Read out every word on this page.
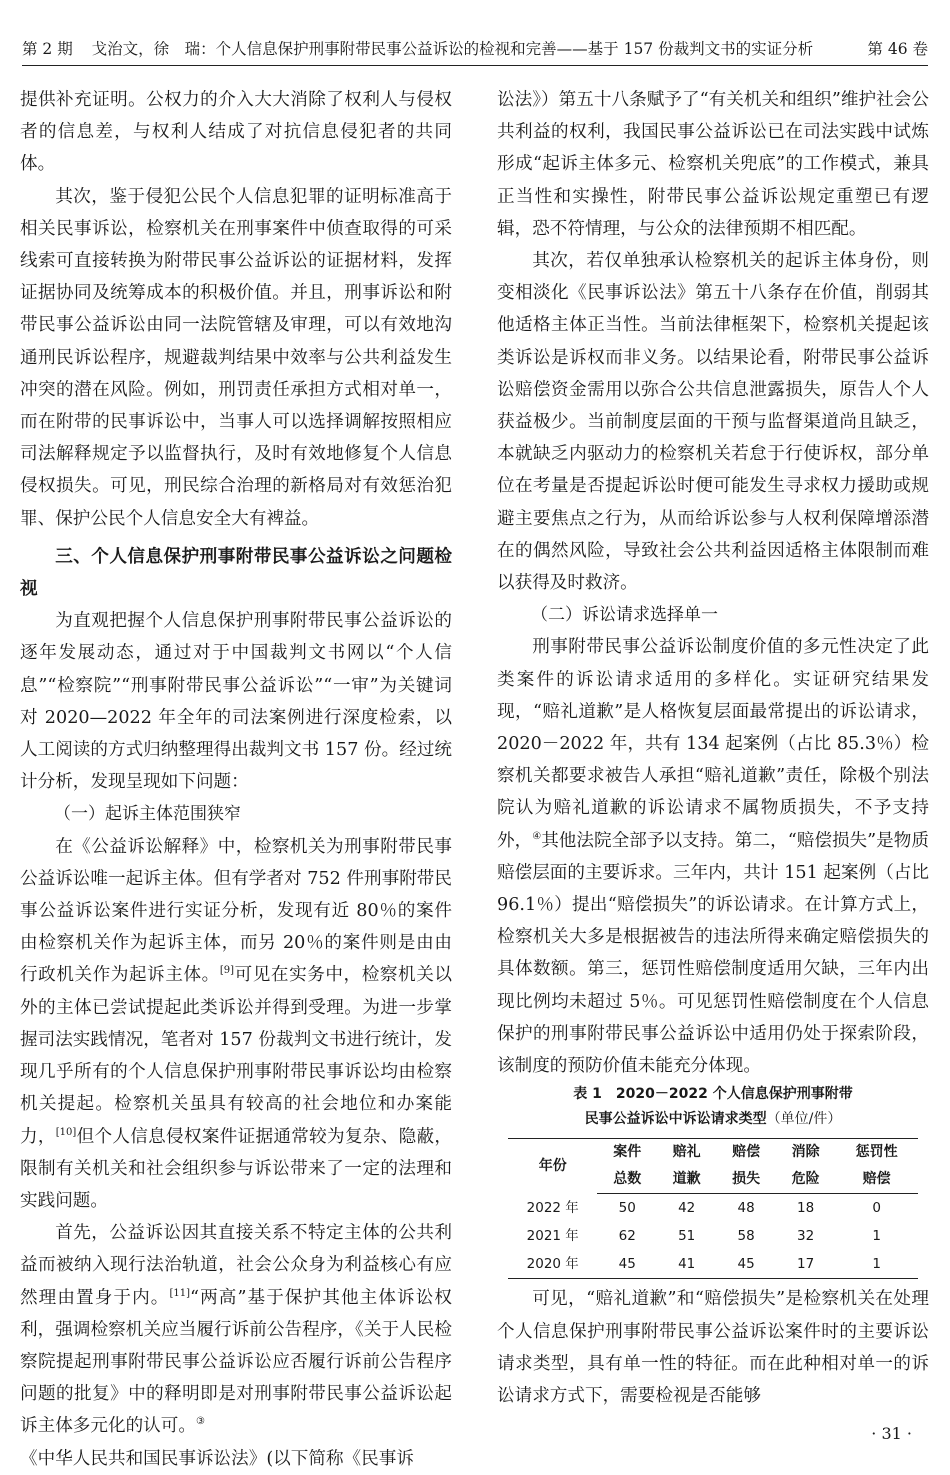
第 2 期 戈治文，徐　瑞：个人信息保护刑事附带民事公益诉讼的检视和完善——基于 157 份裁判文书的实证分析	第 46 卷

提供补充证明。公权力的介入大大消除了权利人与侵权者的信息差，与权利人结成了对抗信息侵犯者的共同体。

其次，鉴于侵犯公民个人信息犯罪的证明标准高于相关民事诉讼，检察机关在刑事案件中侦查取得的可采线索可直接转换为附带民事公益诉讼的证据材料，发挥证据协同及统筹成本的积极价值。并且，刑事诉讼和附带民事公益诉讼由同一法院管辖及审理，可以有效地沟通刑民诉讼程序，规避裁判结果中效率与公共利益发生冲突的潜在风险。例如，刑罚责任承担方式相对单一，而在附带的民事诉讼中，当事人可以选择调解按照相应司法解释规定予以监督执行，及时有效地修复个人信息侵权损失。可见，刑民综合治理的新格局对有效惩治犯罪、保护公民个人信息安全大有裨益。

三、个人信息保护刑事附带民事公益诉讼之问题检视

为直观把握个人信息保护刑事附带民事公益诉讼的逐年发展动态，通过对于中国裁判文书网以“个人信息”“检察院”“刑事附带民事公益诉讼”“一审”为关键词对 2020—2022 年全年的司法案例进行深度检索，以人工阅读的方式归纳整理得出裁判文书 157 份。经过统计分析，发现呈现如下问题：

（一）起诉主体范围狭窄

在《公益诉讼解释》中，检察机关为刑事附带民事公益诉讼唯一起诉主体。但有学者对 752 件刑事附带民事公益诉讼案件进行实证分析，发现有近 80％的案件由检察机关作为起诉主体，而另 20％的案件则是由由行政机关作为起诉主体。[9]可见在实务中，检察机关以外的主体已尝试提起此类诉讼并得到受理。为进一步掌握司法实践情况，笔者对 157 份裁判文书进行统计，发现几乎所有的个人信息保护刑事附带民事诉讼均由检察机关提起。检察机关虽具有较高的社会地位和办案能力，[10]但个人信息侵权案件证据通常较为复杂、隐蔽，限制有关机关和社会组织参与诉讼带来了一定的法理和实践问题。

首先，公益诉讼因其直接关系不特定主体的公共利益而被纳入现行法治轨道，社会公众身为利益核心有应然理由置身于内。[11]“两高”基于保护其他主体诉讼权利，强调检察机关应当履行诉前公告程序，《关于人民检察院提起刑事附带民事公益诉讼应否履行诉前公告程序问题的批复》中的释明即是对刑事附带民事公益诉讼起诉主体多元化的认可。③

《中华人民共和国民事诉讼法》(以下简称《民事诉

讼法》）第五十八条赋予了“有关机关和组织”维护社会公共利益的权利，我国民事公益诉讼已在司法实践中试炼形成“起诉主体多元、检察机关兜底”的工作模式，兼具正当性和实操性，附带民事公益诉讼规定重塑已有逻辑，恐不符情理，与公众的法律预期不相匹配。

其次，若仅单独承认检察机关的起诉主体身份，则变相淡化《民事诉讼法》第五十八条存在价值，削弱其他适格主体正当性。当前法律框架下，检察机关提起该类诉讼是诉权而非义务。以结果论看，附带民事公益诉讼赔偿资金需用以弥合公共信息泄露损失，原告人个人获益极少。当前制度层面的干预与监督渠道尚且缺乏，本就缺乏内驱动力的检察机关若怠于行使诉权，部分单位在考量是否提起诉讼时便可能发生寻求权力援助或规避主要焦点之行为，从而给诉讼参与人权利保障增添潜在的偶然风险，导致社会公共利益因适格主体限制而难以获得及时救济。

（二）诉讼请求选择单一

刑事附带民事公益诉讼制度价值的多元性决定了此类案件的诉讼请求适用的多样化。实证研究结果发现，“赔礼道歉”是人格恢复层面最常提出的诉讼请求，2020－2022 年，共有 134 起案例（占比 85.3％）检察机关都要求被告人承担“赔礼道歉”责任，除极个别法院认为赔礼道歉的诉讼请求不属物质损失，不予支持外，④其他法院全部予以支持。第二，“赔偿损失”是物质赔偿层面的主要诉求。三年内，共计 151 起案例（占比 96.1％）提出“赔偿损失”的诉讼请求。在计算方式上，检察机关大多是根据被告的违法所得来确定赔偿损失的具体数额。第三，惩罚性赔偿制度适用欠缺，三年内出现比例均未超过 5％。可见惩罚性赔偿制度在个人信息保护的刑事附带民事公益诉讼中适用仍处于探索阶段，该制度的预防价值未能充分体现。

表 1　2020－2022 个人信息保护刑事附带
民事公益诉讼中诉讼请求类型（单位/件）
年份	案件	赔礼	赔偿	消除	惩罚性
	总数	道歉	损失	危险	赔偿
2022 年	50	42	48	18	0
2021 年	62	51	58	32	1
2020 年	45	41	45	17	1

可见，“赔礼道歉”和“赔偿损失”是检察机关在处理个人信息保护刑事附带民事公益诉讼案件时的主要诉讼请求类型，具有单一性的特征。而在此种相对单一的诉讼请求方式下，需要检视是否能够

· 31 ·
